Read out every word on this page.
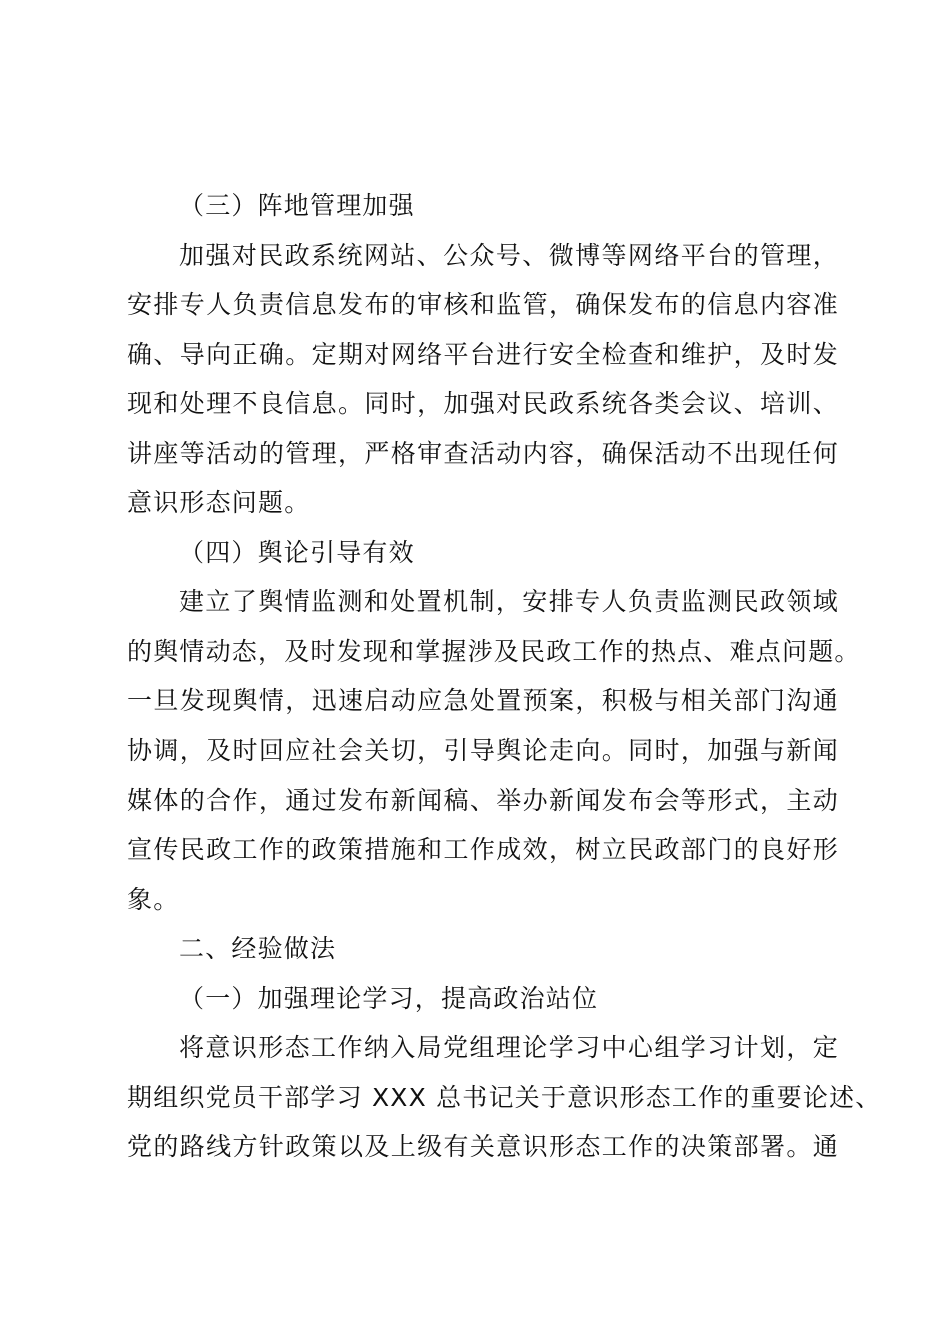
（三）阵地管理加强
加强对民政系统网站、公众号、微博等网络平台的管理，
安排专人负责信息发布的审核和监管，确保发布的信息内容准
确、导向正确。定期对网络平台进行安全检查和维护，及时发
现和处理不良信息。同时，加强对民政系统各类会议、培训、
讲座等活动的管理，严格审查活动内容，确保活动不出现任何
意识形态问题。
（四）舆论引导有效
建立了舆情监测和处置机制，安排专人负责监测民政领域
的舆情动态，及时发现和掌握涉及民政工作的热点、难点问题。
一旦发现舆情，迅速启动应急处置预案，积极与相关部门沟通
协调，及时回应社会关切，引导舆论走向。同时，加强与新闻
媒体的合作，通过发布新闻稿、举办新闻发布会等形式，主动
宣传民政工作的政策措施和工作成效，树立民政部门的良好形
象。
二、经验做法
（一）加强理论学习，提高政治站位
将意识形态工作纳入局党组理论学习中心组学习计划，定
期组织党员干部学习 XXX 总书记关于意识形态工作的重要论述、
党的路线方针政策以及上级有关意识形态工作的决策部署。通
